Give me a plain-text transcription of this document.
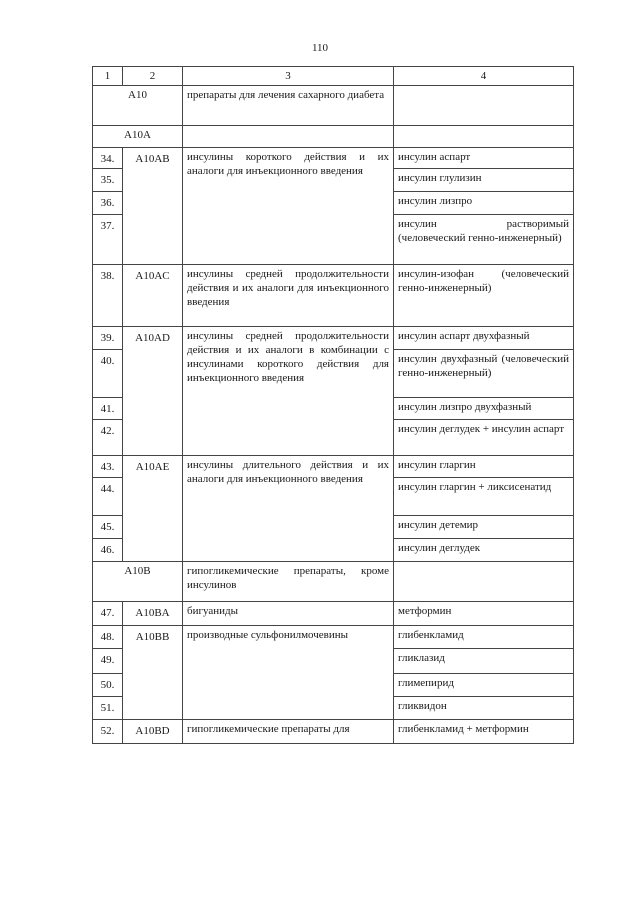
110
1	2	3	4
A10		препараты для лечения сахарного диабета	
A10A			
34.	A10AB	инсулины короткого действия и их аналоги для инъекционного введения	инсулин аспарт
35.			инсулин глулизин
36.			инсулин лизпро
37.			инсулин растворимый (человеческий генно-инженерный)
38.	A10AC	инсулины средней продолжительности действия и их аналоги для инъекционного введения	инсулин-изофан (человеческий генно-инженерный)
39.	A10AD	инсулины средней продолжительности действия и их аналоги в комбинации с инсулинами короткого действия для инъекционного введения	инсулин аспарт двухфазный
40.			инсулин двухфазный (человеческий генно-инженерный)
41.			инсулин лизпро двухфазный
42.			инсулин деглудек + инсулин аспарт
43.	A10AE	инсулины длительного действия и их аналоги для инъекционного введения	инсулин гларгин
44.			инсулин гларгин + ликсисенатид
45.			инсулин детемир
46.			инсулин деглудек
A10B		гипогликемические препараты, кроме инсулинов	
47.	A10BA	бигуаниды	метформин
48.	A10BB	производные сульфонилмочевины	глибенкламид
49.			гликлазид
50.			глимепирид
51.			гликвидон
52.	A10BD	гипогликемические препараты для	глибенкламид + метформин
